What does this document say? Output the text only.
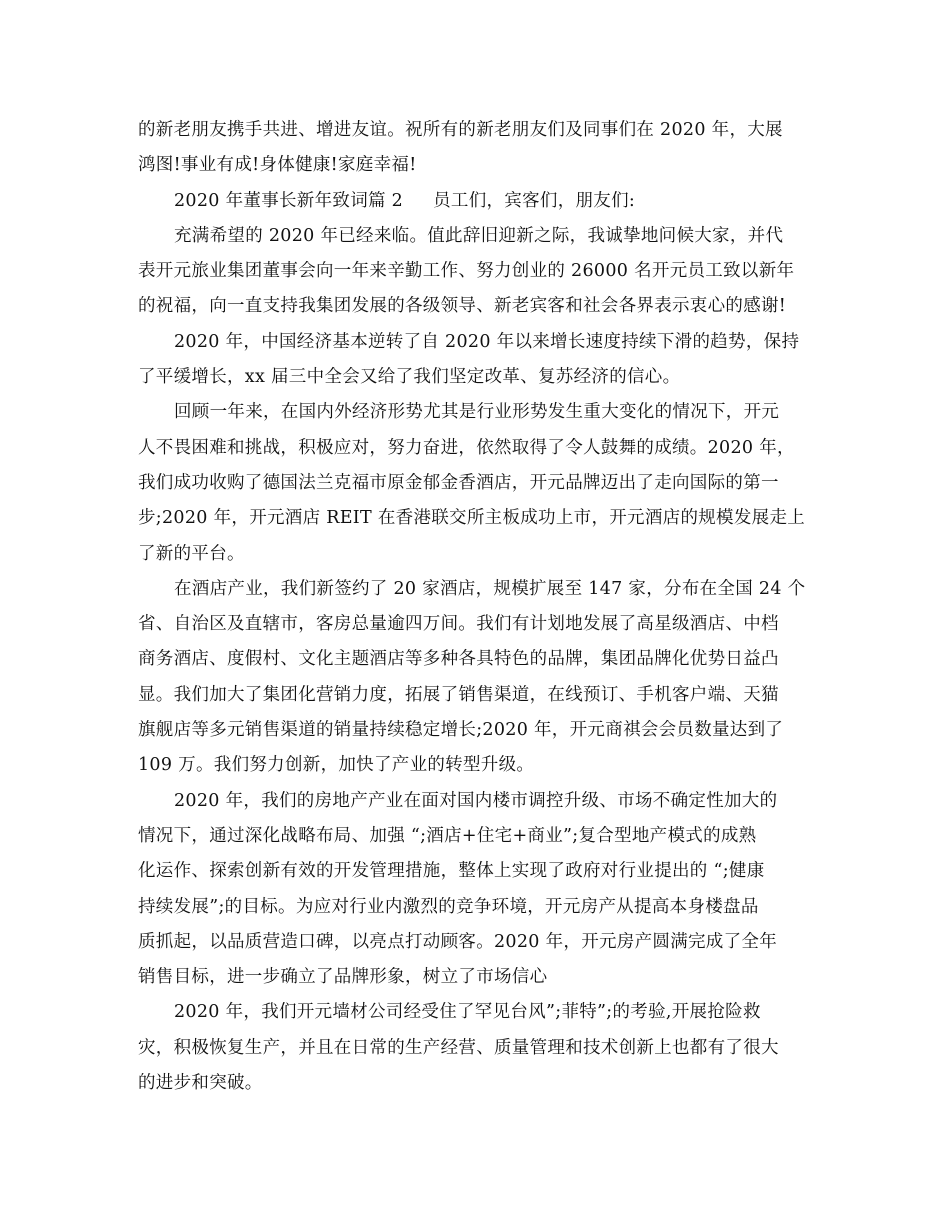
的新老朋友携手共进、增进友谊。祝所有的新老朋友们及同事们在 2020 年，大展
鸿图!事业有成!身体健康!家庭幸福!
2020 年董事长新年致词篇 2 员工们，宾客们，朋友们:
充满希望的 2020 年已经来临。值此辞旧迎新之际，我诚挚地问候大家，并代
表开元旅业集团董事会向一年来辛勤工作、努力创业的 26000 名开元员工致以新年
的祝福，向一直支持我集团发展的各级领导、新老宾客和社会各界表示衷心的感谢!
2020 年，中国经济基本逆转了自 2020 年以来增长速度持续下滑的趋势，保持
了平缓增长，xx 届三中全会又给了我们坚定改革、复苏经济的信心。
回顾一年来，在国内外经济形势尤其是行业形势发生重大变化的情况下，开元
人不畏困难和挑战，积极应对，努力奋进，依然取得了令人鼓舞的成绩。2020 年，
我们成功收购了德国法兰克福市原金郁金香酒店，开元品牌迈出了走向国际的第一
步;2020 年，开元酒店 REIT 在香港联交所主板成功上市，开元酒店的规模发展走上
了新的平台。
在酒店产业，我们新签约了 20 家酒店，规模扩展至 147 家，分布在全国 24 个
省、自治区及直辖市，客房总量逾四万间。我们有计划地发展了高星级酒店、中档
商务酒店、度假村、文化主题酒店等多种各具特色的品牌，集团品牌化优势日益凸
显。我们加大了集团化营销力度，拓展了销售渠道，在线预订、手机客户端、天猫
旗舰店等多元销售渠道的销量持续稳定增长;2020 年，开元商祺会会员数量达到了
109 万。我们努力创新，加快了产业的转型升级。
2020 年，我们的房地产产业在面对国内楼市调控升级、市场不确定性加大的
情况下，通过深化战略布局、加强 “;酒店+住宅+商业”;复合型地产模式的成熟
化运作、探索创新有效的开发管理措施，整体上实现了政府对行业提出的 “;健康
持续发展”;的目标。为应对行业内激烈的竞争环境，开元房产从提高本身楼盘品
质抓起，以品质营造口碑，以亮点打动顾客。2020 年，开元房产圆满完成了全年
销售目标，进一步确立了品牌形象，树立了市场信心
2020 年，我们开元墙材公司经受住了罕见台风”;菲特”;的考验,开展抢险救
灾，积极恢复生产，并且在日常的生产经营、质量管理和技术创新上也都有了很大
的进步和突破。
